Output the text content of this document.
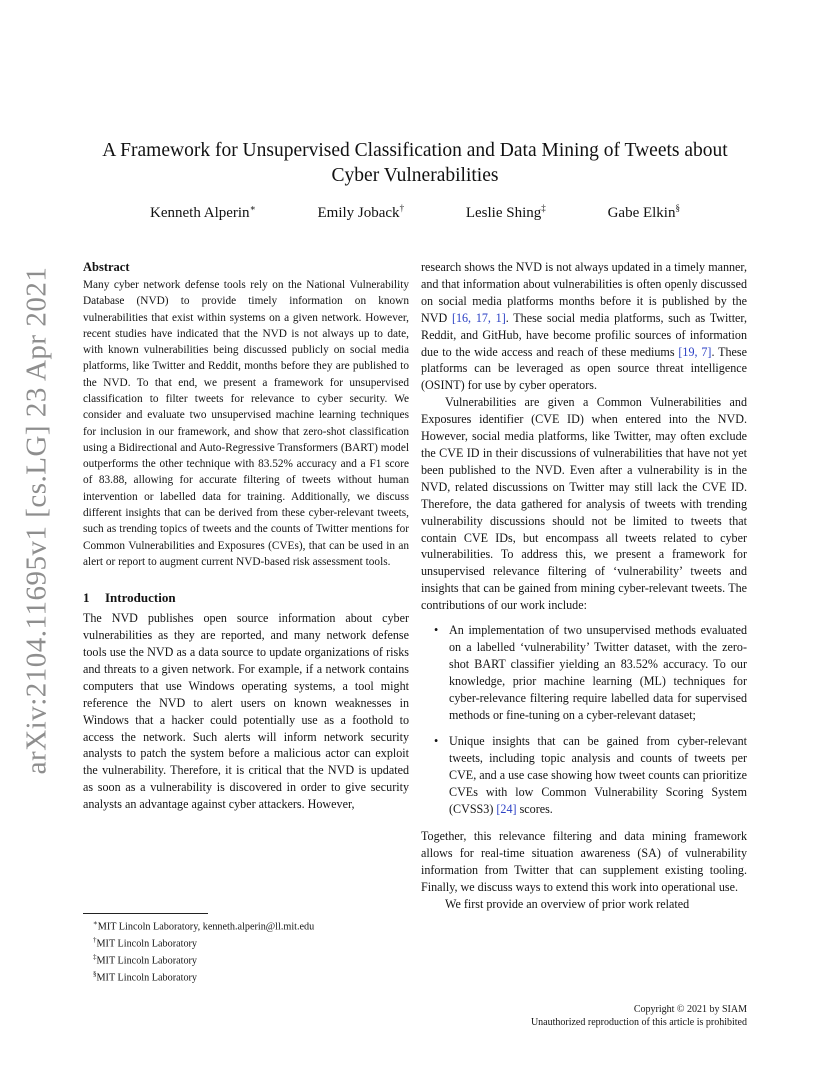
arXiv:2104.11695v1 [cs.LG] 23 Apr 2021
A Framework for Unsupervised Classification and Data Mining of Tweets about Cyber Vulnerabilities
Kenneth Alperin∗	Emily Joback†	Leslie Shing‡	Gabe Elkin§
Abstract

Many cyber network defense tools rely on the National Vulnerability Database (NVD) to provide timely information on known vulnerabilities that exist within systems on a given network. However, recent studies have indicated that the NVD is not always up to date, with known vulnerabilities being discussed publicly on social media platforms, like Twitter and Reddit, months before they are published to the NVD. To that end, we present a framework for unsupervised classification to filter tweets for relevance to cyber security. We consider and evaluate two unsupervised machine learning techniques for inclusion in our framework, and show that zero-shot classification using a Bidirectional and Auto-Regressive Transformers (BART) model outperforms the other technique with 83.52% accuracy and a F1 score of 83.88, allowing for accurate filtering of tweets without human intervention or labelled data for training. Additionally, we discuss different insights that can be derived from these cyber-relevant tweets, such as trending topics of tweets and the counts of Twitter mentions for Common Vulnerabilities and Exposures (CVEs), that can be used in an alert or report to augment current NVD-based risk assessment tools.

1 Introduction

The NVD publishes open source information about cyber vulnerabilities as they are reported, and many network defense tools use the NVD as a data source to update organizations of risks and threats to a given network. For example, if a network contains computers that use Windows operating systems, a tool might reference the NVD to alert users on known weaknesses in Windows that a hacker could potentially use as a foothold to access the network. Such alerts will inform network security analysts to patch the system before a malicious actor can exploit the vulnerability. Therefore, it is critical that the NVD is updated as soon as a vulnerability is discovered in order to give security analysts an advantage against cyber attackers. However,

research shows the NVD is not always updated in a timely manner, and that information about vulnerabilities is often openly discussed on social media platforms months before it is published by the NVD [16, 17, 1]. These social media platforms, such as Twitter, Reddit, and GitHub, have become profilic sources of information due to the wide access and reach of these mediums [19, 7]. These platforms can be leveraged as open source threat intelligence (OSINT) for use by cyber operators.

Vulnerabilities are given a Common Vulnerabilities and Exposures identifier (CVE ID) when entered into the NVD. However, social media platforms, like Twitter, may often exclude the CVE ID in their discussions of vulnerabilities that have not yet been published to the NVD. Even after a vulnerability is in the NVD, related discussions on Twitter may still lack the CVE ID. Therefore, the data gathered for analysis of tweets with trending vulnerability discussions should not be limited to tweets that contain CVE IDs, but encompass all tweets related to cyber vulnerabilities. To address this, we present a framework for unsupervised relevance filtering of ‘vulnerability’ tweets and insights that can be gained from mining cyber-relevant tweets. The contributions of our work include:

• An implementation of two unsupervised methods evaluated on a labelled ‘vulnerability’ Twitter dataset, with the zero-shot BART classifier yielding an 83.52% accuracy. To our knowledge, prior machine learning (ML) techniques for cyber-relevance filtering require labelled data for supervised methods or fine-tuning on a cyber-relevant dataset;
• Unique insights that can be gained from cyber-relevant tweets, including topic analysis and counts of tweets per CVE, and a use case showing how tweet counts can prioritize CVEs with low Common Vulnerability Scoring System (CVSS3) [24] scores.

Together, this relevance filtering and data mining framework allows for real-time situation awareness (SA) of vulnerability information from Twitter that can supplement existing tooling. Finally, we discuss ways to extend this work into operational use.

We first provide an overview of prior work related

∗MIT Lincoln Laboratory, kenneth.alperin@ll.mit.edu
†MIT Lincoln Laboratory
‡MIT Lincoln Laboratory
§MIT Lincoln Laboratory
Copyright © 2021 by SIAM
Unauthorized reproduction of this article is prohibited
